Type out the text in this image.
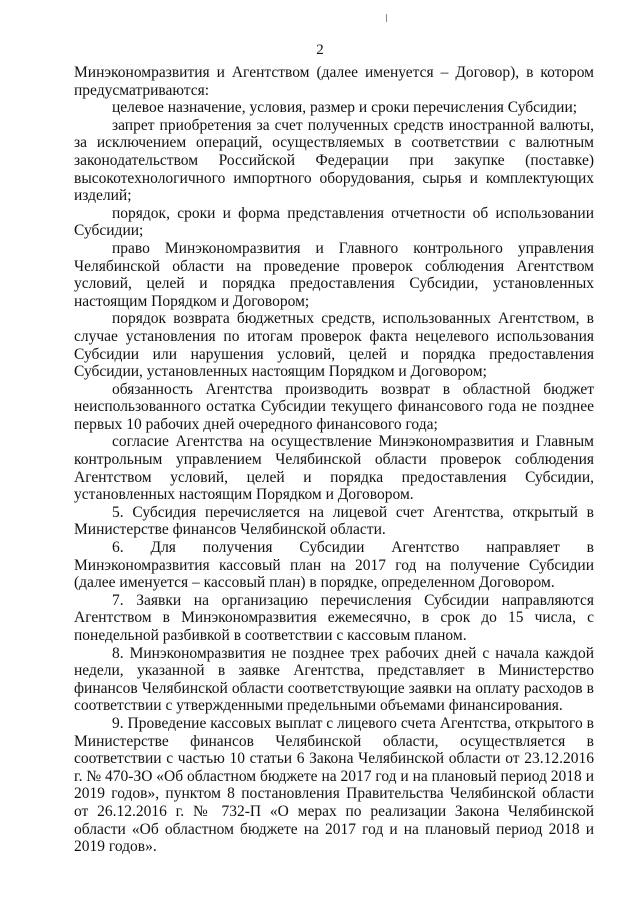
2

Минэкономразвития и Агентством (далее именуется – Договор), в котором предусматриваются:

целевое назначение, условия, размер и сроки перечисления Субсидии;

запрет приобретения за счет полученных средств иностранной валюты, за исключением операций, осуществляемых в соответствии с валютным законодательством Российской Федерации при закупке (поставке) высокотехнологичного импортного оборудования, сырья и комплектующих изделий;

порядок, сроки и форма представления отчетности об использовании Субсидии;

право Минэкономразвития и Главного контрольного управления Челябинской области на проведение проверок соблюдения Агентством условий, целей и порядка предоставления Субсидии, установленных настоящим Порядком и Договором;

порядок возврата бюджетных средств, использованных Агентством, в случае установления по итогам проверок факта нецелевого использования Субсидии или нарушения условий, целей и порядка предоставления Субсидии, установленных настоящим Порядком и Договором;

обязанность Агентства производить возврат в областной бюджет неиспользованного остатка Субсидии текущего финансового года не позднее первых 10 рабочих дней очередного финансового года;

согласие Агентства на осуществление Минэкономразвития и Главным контрольным управлением Челябинской области проверок соблюдения Агентством условий, целей и порядка предоставления Субсидии, установленных настоящим Порядком и Договором.

5. Субсидия перечисляется на лицевой счет Агентства, открытый в Министерстве финансов Челябинской области.

6. Для получения Субсидии Агентство направляет в Минэкономразвития кассовый план на 2017 год на получение Субсидии (далее именуется – кассовый план) в порядке, определенном Договором.

7. Заявки на организацию перечисления Субсидии направляются Агентством в Минэкономразвития ежемесячно, в срок до 15 числа, с понедельной разбивкой в соответствии с кассовым планом.

8. Минэкономразвития не позднее трех рабочих дней с начала каждой недели, указанной в заявке Агентства, представляет в Министерство финансов Челябинской области соответствующие заявки на оплату расходов в соответствии с утвержденными предельными объемами финансирования.

9. Проведение кассовых выплат с лицевого счета Агентства, открытого в Министерстве финансов Челябинской области, осуществляется в соответствии с частью 10 статьи 6 Закона Челябинской области от 23.12.2016 г. № 470-ЗО «Об областном бюджете на 2017 год и на плановый период 2018 и 2019 годов», пунктом 8 постановления Правительства Челябинской области от 26.12.2016 г. № 732-П «О мерах по реализации Закона Челябинской области «Об областном бюджете на 2017 год и на плановый период 2018 и 2019 годов».
